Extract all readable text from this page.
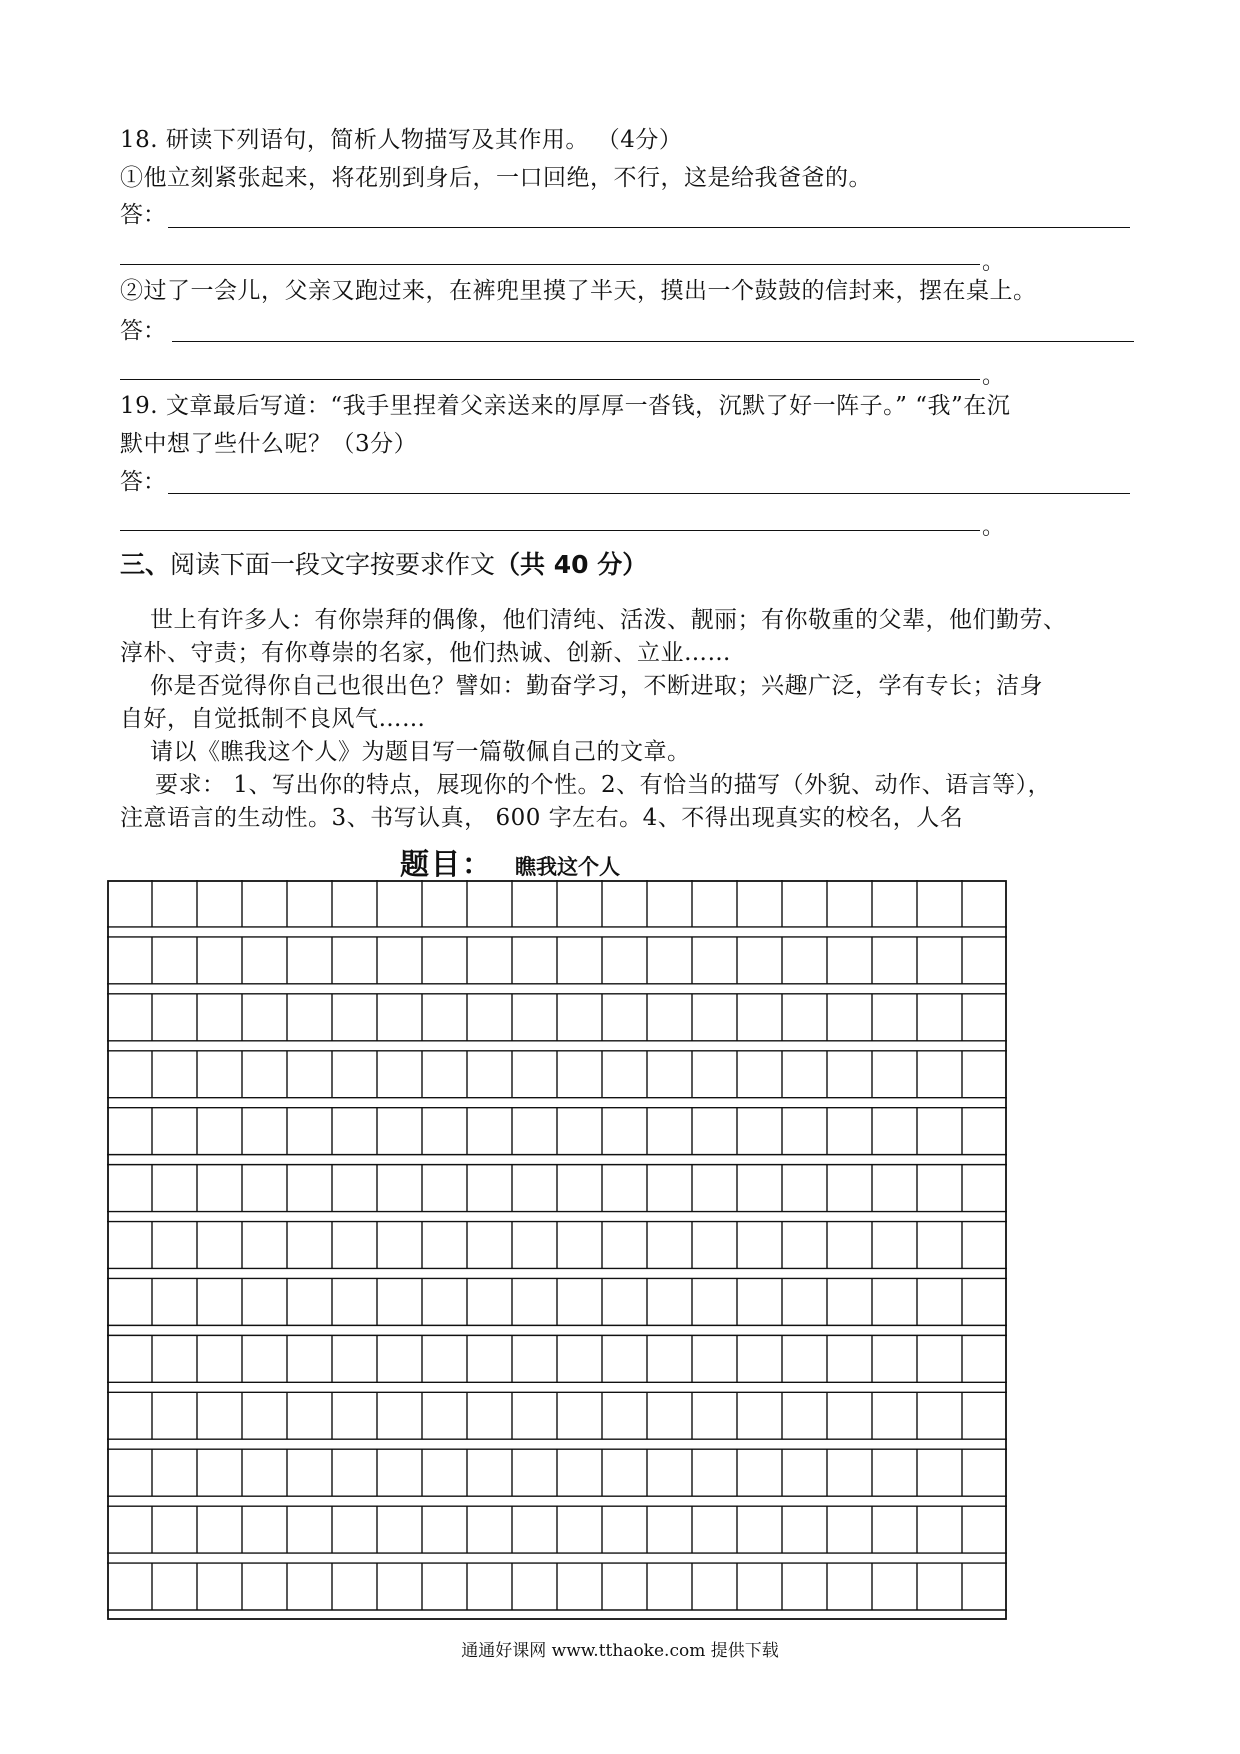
18. 研读下列语句，简析人物描写及其作用。 （4分）
①他立刻紧张起来，将花别到身后，一口回绝，不行，这是给我爸爸的。
答：
。
②过了一会儿，父亲又跑过来，在裤兜里摸了半天，摸出一个鼓鼓的信封来，摆在桌上。
答：
。
19. 文章最后写道：“我手里捏着父亲送来的厚厚一沓钱，沉默了好一阵子。” “我”在沉
默中想了些什么呢？（3分）
答：
。
三、阅读下面一段文字按要求作文（共 40 分）
世上有许多人：有你崇拜的偶像，他们清纯、活泼、靓丽；有你敬重的父辈，他们勤劳、
淳朴、守责；有你尊崇的名家，他们热诚、创新、立业……
你是否觉得你自己也很出色？譬如：勤奋学习，不断进取；兴趣广泛，学有专长；洁身
自好，自觉抵制不良风气……
请以《瞧我这个人》为题目写一篇敬佩自己的文章。
要求： 1、写出你的特点，展现你的个性。2、有恰当的描写（外貌、动作、语言等），
注意语言的生动性。3、书写认真， 600 字左右。4、不得出现真实的校名，人名
题目： 瞧我这个人
通通好课网 www.tthaoke.com 提供下载
